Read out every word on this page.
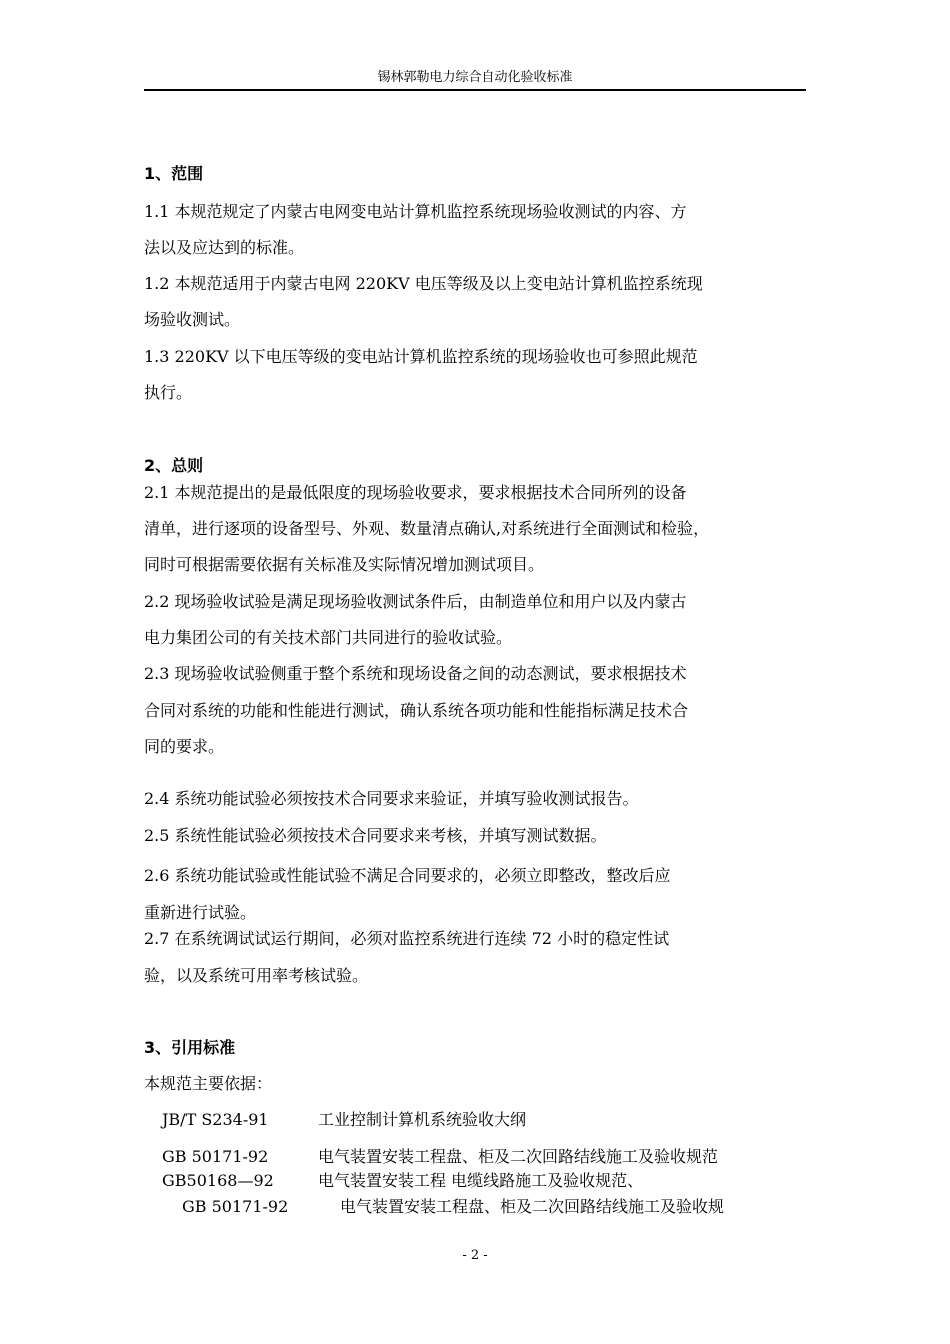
锡林郭勒电力综合自动化验收标准
1、范围
1.1 本规范规定了内蒙古电网变电站计算机监控系统现场验收测试的内容、方
法以及应达到的标准。
1.2 本规范适用于内蒙古电网 220KV 电压等级及以上变电站计算机监控系统现
场验收测试。
1.3 220KV 以下电压等级的变电站计算机监控系统的现场验收也可参照此规范
执行。
2、总则
2.1 本规范提出的是最低限度的现场验收要求，要求根据技术合同所列的设备
清单，进行逐项的设备型号、外观、数量清点确认,对系统进行全面测试和检验，
同时可根据需要依据有关标准及实际情况增加测试项目。
2.2 现场验收试验是满足现场验收测试条件后，由制造单位和用户以及内蒙古
电力集团公司的有关技术部门共同进行的验收试验。
2.3 现场验收试验侧重于整个系统和现场设备之间的动态测试，要求根据技术
合同对系统的功能和性能进行测试，确认系统各项功能和性能指标满足技术合
同的要求。
2.4 系统功能试验必须按技术合同要求来验证，并填写验收测试报告。
2.5 系统性能试验必须按技术合同要求来考核，并填写测试数据。
2.6 系统功能试验或性能试验不满足合同要求的，必须立即整改，整改后应
重新进行试验。
2.7 在系统调试试运行期间，必须对监控系统进行连续 72 小时的稳定性试
验，以及系统可用率考核试验。
3、引用标准
本规范主要依据：
JB/T S234-91	工业控制计算机系统验收大纲
GB 50171-92	电气装置安装工程盘、柜及二次回路结线施工及验收规范
GB50168—92	电气装置安装工程 电缆线路施工及验收规范、
GB 50171-92	电气装置安装工程盘、柜及二次回路结线施工及验收规
- 2 -
